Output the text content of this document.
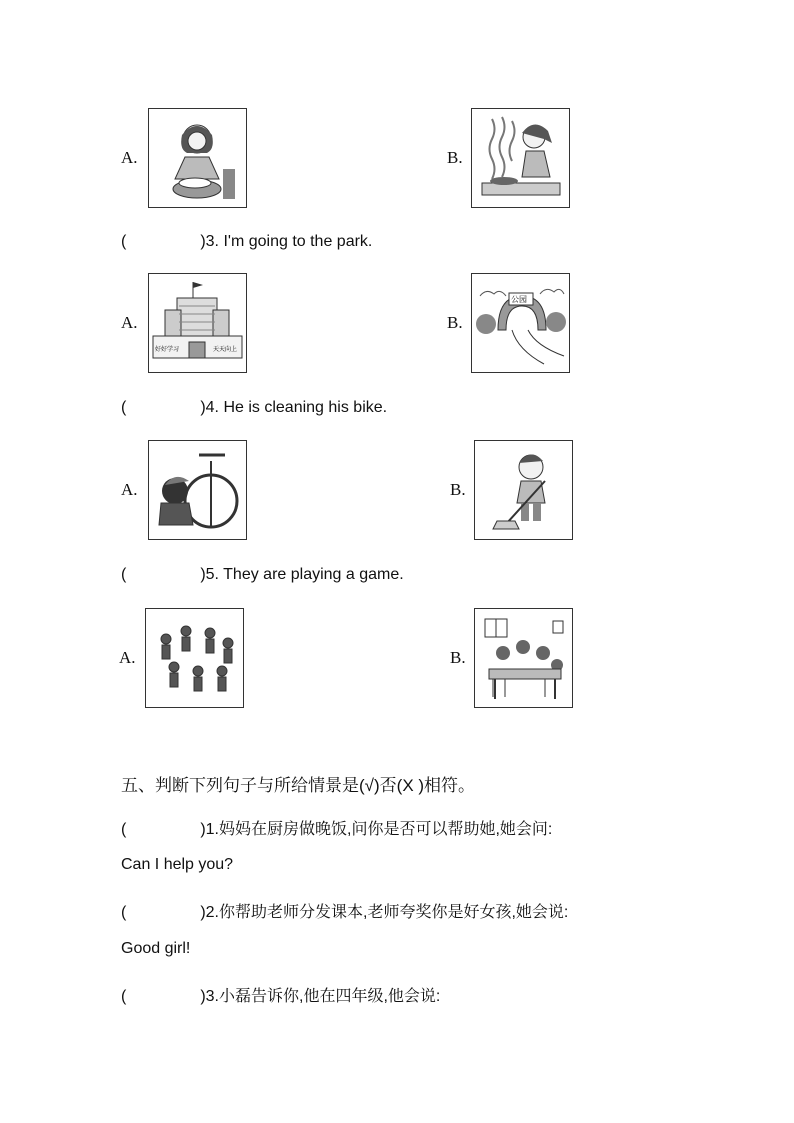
A.	B.
(	)3. I'm going to the park.
A.
好好学习	天天向上
B.
公园
(	)4. He is cleaning his bike.
A.	B.
(	)5. They are playing a game.
A.	B.
五、判断下列句子与所给情景是(√)否(X )相符。
(	)1.妈妈在厨房做晚饭,问你是否可以帮助她,她会问:
Can I help you?
(	)2.你帮助老师分发课本,老师夸奖你是好女孩,她会说:
Good girl!
(	)3.小磊告诉你,他在四年级,他会说:
